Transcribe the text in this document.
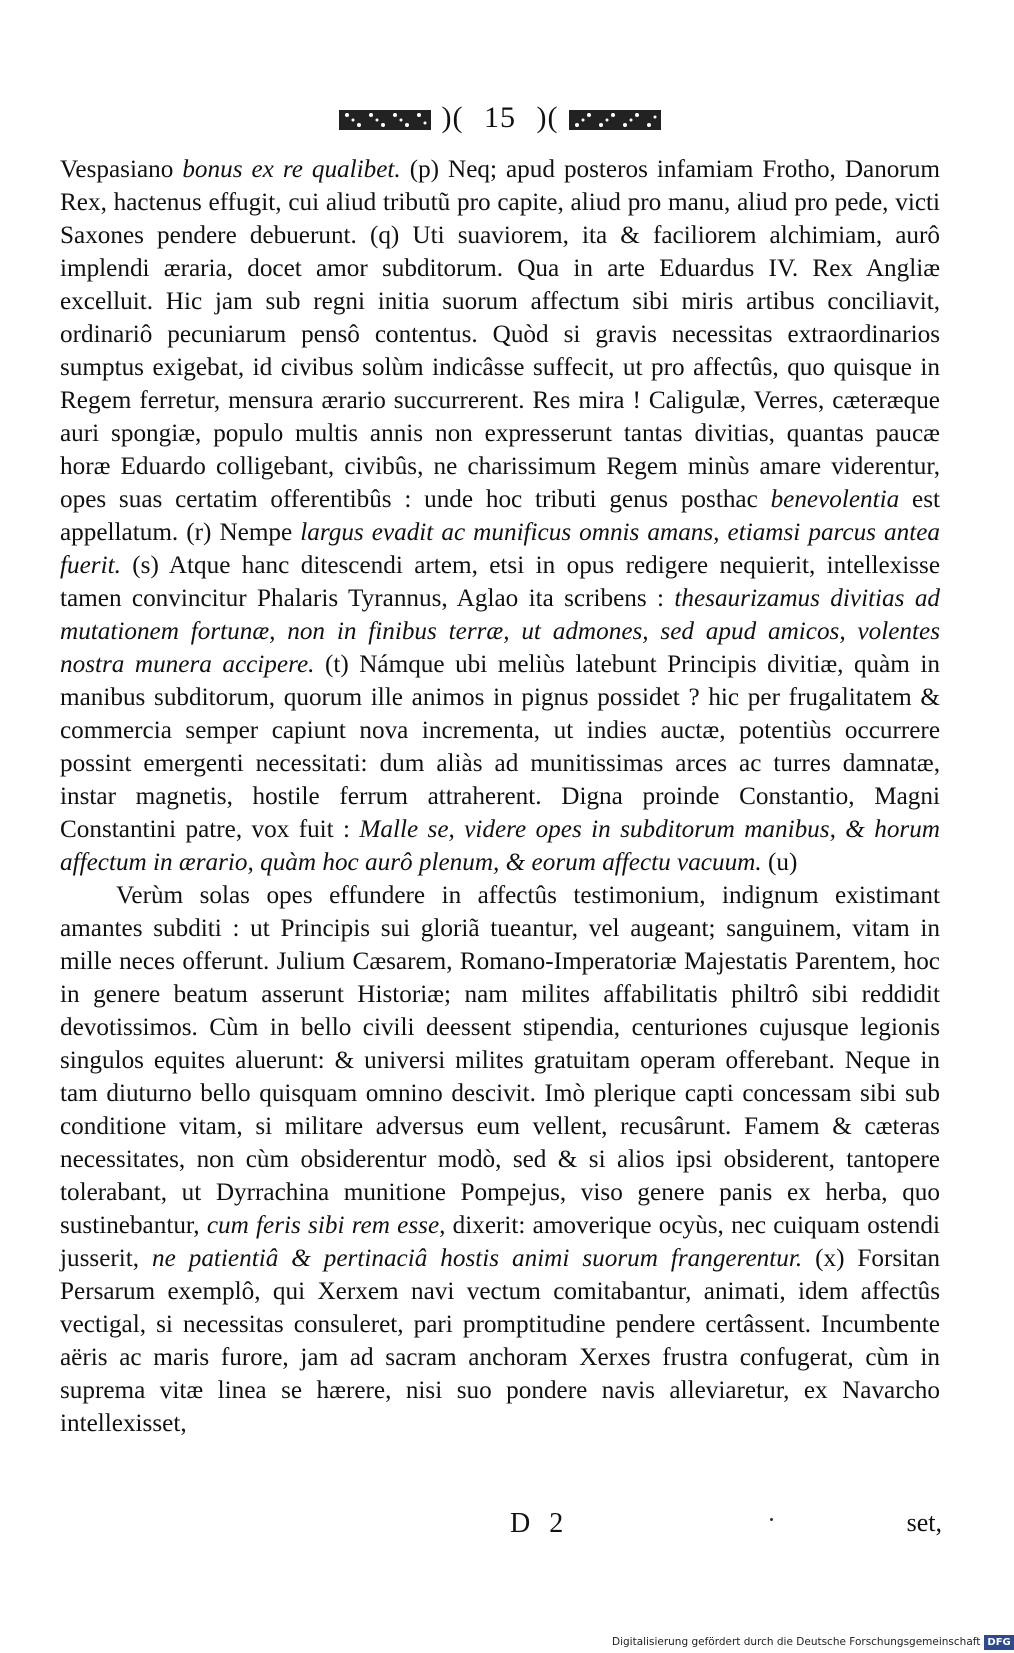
)( 15 )(

Vespasiano bonus ex re qualibet. (p) Neq; apud posteros infamiam Frotho, Danorum Rex, hactenus effugit, cui aliud tributũ pro capite, aliud pro manu, aliud pro pede, victi Saxones pendere debuerunt. (q) Uti suaviorem, ita & faciliorem alchimiam, aurô implendi ærariа, docet amor subditorum. Qua in arte Eduardus IV. Rex Angliæ excelluit. Hic jam sub regni initia suorum affectum sibi miris artibus conciliavit, ordinariô pecuniarum pensô contentus. Quòd si gravis necessitas extraordinarios sumptus exigebat, id civibus solùm indicâsse suffecit, ut pro affectûs, quo quisque in Regem ferretur, mensura ærario succurrerent. Res mira ! Caligulæ, Verres, cæteræque auri spongiæ, populo multis annis non expresserunt tantas divitias, quantas paucæ horæ Eduardo colligebant, civibûs, ne charissimum Regem minùs amare viderentur, opes suas certatim offerentibûs : unde hoc tributi genus posthac benevolentia est appellatum. (r) Nempe largus evadit ac munificus omnis amans, etiamsi parcus antea fuerit. (s) Atque hanc ditescendi artem, etsi in opus redigere nequierit, intellexisse tamen convincitur Phalaris Tyrannus, Aglao ita scribens : thesaurizamus divitias ad mutationem fortunæ, non in finibus terræ, ut admones, sed apud amicos, volentes nostra munera accipere. (t) Námque ubi meliùs latebunt Principis divitiæ, quàm in manibus subditorum, quorum ille animos in pignus possidet ? hic per frugalitatem & commercia semper capiunt nova incrementa, ut indies auctæ, potentiùs occurrere possint emergenti necessitati: dum aliàs ad munitissimas arces ac turres damnatæ, instar magnetis, hostile ferrum attraherent. Digna proinde Constantio, Magni Constantini patre, vox fuit : Malle se, videre opes in subditorum manibus, & horum affectum in ærario, quàm hoc aurô plenum, & eorum affectu vacuum. (u)

Verùm solas opes effundere in affectûs testimonium, indignum existimant amantes subditi : ut Principis sui gloriã tueantur, vel augeant; sanguinem, vitam in mille neces offerunt. Julium Cæsarem, Romano-Imperatoriæ Majestatis Parentem, hoc in genere beatum asserunt Historiæ; nam milites affabilitatis philtrô sibi reddidit devotissimos. Cùm in bello civili deessent stipendia, centuriones cujusque legionis singulos equites aluerunt: & universi milites gratuitam operam offerebant. Neque in tam diuturno bello quisquam omnino descivit. Imò plerique capti concessam sibi sub conditione vitam, si militare adversus eum vellent, recusârunt. Famem & cæteras necessitates, non cùm obsiderentur modò, sed & si alios ipsi obsiderent, tantopere tolerabant, ut Dyrrachina munitione Pompejus, viso genere panis ex herba, quo sustinebantur, cum feris sibi rem esse, dixerit: amoverique ocyùs, nec cuiquam ostendi jusserit, ne patientiâ & pertinaciâ hostis animi suorum frangerentur. (x) Forsitan Persarum exemplô, qui Xerxem navi vectum comitabantur, animati, idem affectûs vectigal, si necessitas consuleret, pari promptitudine pendere certâssent. Incumbente aëris ac maris furore, jam ad sacram anchoram Xerxes frustra confugerat, cùm in suprema vitæ linea se hærere, nisi suo pondere navis alleviaretur, ex Navarcho intellexisset,

D 2	set,
Digitalisierung gefördert durch die Deutsche Forschungsgemeinschaft DFG
